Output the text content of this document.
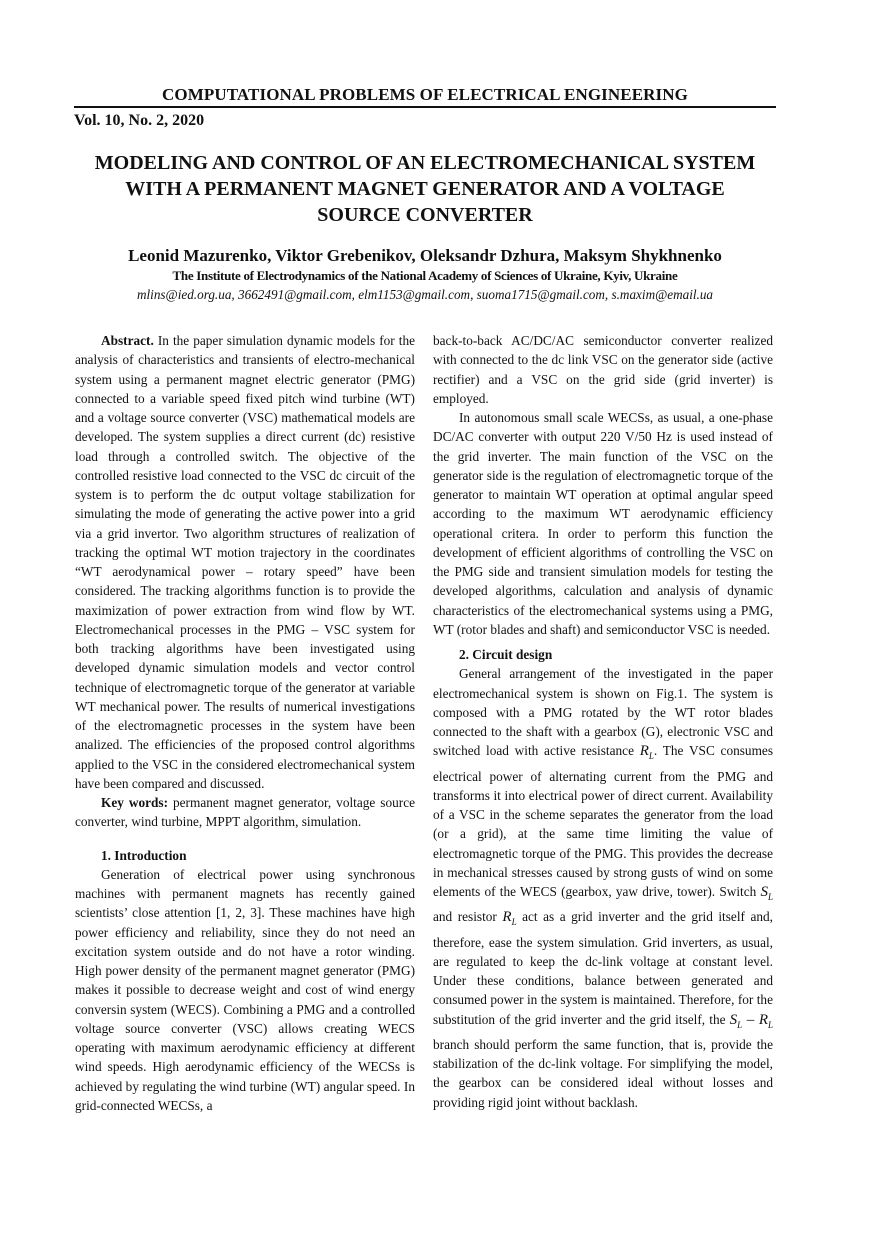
COMPUTATIONAL PROBLEMS OF ELECTRICAL ENGINEERING
Vol. 10, No. 2, 2020
MODELING AND CONTROL OF AN ELECTROMECHANICAL SYSTEM
WITH A PERMANENT MAGNET GENERATOR AND A VOLTAGE
SOURCE CONVERTER
Leonid Mazurenko, Viktor Grebenikov, Oleksandr Dzhura, Maksym Shykhnenko
The Institute of Electrodynamics of the National Academy of Sciences of Ukraine, Kyiv, Ukraine
mlins@ied.org.ua, 3662491@gmail.com, elm1153@gmail.com, suoma1715@gmail.com, s.maxim@email.ua

Abstract. In the paper simulation dynamic models for the analysis of characteristics and transients of electro-mechanical system using a permanent magnet electric generator (PMG) connected to a variable speed fixed pitch wind turbine (WT) and a voltage source converter (VSC) mathematical models are developed. The system supplies a direct current (dc) resistive load through a controlled switch. The objective of the controlled resistive load connected to the VSC dc circuit of the system is to perform the dc output voltage stabilization for simulating the mode of generating the active power into a grid via a grid invertor. Two algorithm structures of realization of tracking the optimal WT motion trajectory in the coordinates “WT aerodynamical power – rotary speed” have been considered. The tracking algorithms function is to provide the maximization of power extraction from wind flow by WT. Electromechanical processes in the PMG – VSC system for both tracking algorithms have been investigated using developed dynamic simulation models and vector control technique of electromagnetic torque of the generator at variable WT mechanical power. The results of numerical investigations of the electromagnetic processes in the system have been analized. The efficiencies of the proposed control algorithms applied to the VSC in the considered electromechanical system have been compared and discussed.

Key words: permanent magnet generator, voltage source converter, wind turbine, MPPT algorithm, simulation.

1. Introduction

Generation of electrical power using synchronous machines with permanent magnets has recently gained scientists’ close attention [1, 2, 3]. These machines have high power efficiency and reliability, since they do not need an excitation system outside and do not have a rotor winding. High power density of the permanent magnet generator (PMG) makes it possible to decrease weight and cost of wind energy conversin system (WECS). Combining a PMG and a controlled voltage source converter (VSC) allows creating WECS operating with maximum aerodynamic efficiency at different wind speeds. High aerodynamic efficiency of the WECSs is achieved by regulating the wind turbine (WT) angular speed. In grid-connected WECSs, a

back-to-back AC/DC/AC semiconductor converter realized with connected to the dc link VSC on the generator side (active rectifier) and a VSC on the grid side (grid inverter) is employed.

In autonomous small scale WECSs, as usual, a one-phase DC/AC converter with output 220 V/50 Hz is used instead of the grid inverter. The main function of the VSC on the generator side is the regulation of electromagnetic torque of the generator to maintain WT operation at optimal angular speed according to the maximum WT aerodynamic efficiency operational critera. In order to perform this function the development of efficient algorithms of controlling the VSC on the PMG side and transient simulation models for testing the developed algorithms, calculation and analysis of dynamic characteristics of the electromechanical systems using a PMG, WT (rotor blades and shaft) and semiconductor VSC is needed.

2. Circuit design

General arrangement of the investigated in the paper electromechanical system is shown on Fig.1. The system is composed with a PMG rotated by the WT rotor blades connected to the shaft with a gearbox (G), electronic VSC and switched load with active resistance $R_L$. The VSC consumes electrical power of alternating current from the PMG and transforms it into electrical power of direct current. Availability of a VSC in the scheme separates the generator from the load (or a grid), at the same time limiting the value of electromagnetic torque of the PMG. This provides the decrease in mechanical stresses caused by strong gusts of wind on some elements of the WECS (gearbox, yaw drive, tower). Switch $S_L$ and resistor $R_L$ act as a grid inverter and the grid itself and, therefore, ease the system simulation. Grid inverters, as usual, are regulated to keep the dc-link voltage at constant level. Under these conditions, balance between generated and consumed power in the system is maintained. Therefore, for the substitution of the grid inverter and the grid itself, the $S_L - R_L$ branch should perform the same function, that is, provide the stabilization of the dc-link voltage. For simplifying the model, the gearbox can be considered ideal without losses and providing rigid joint without backlash.
